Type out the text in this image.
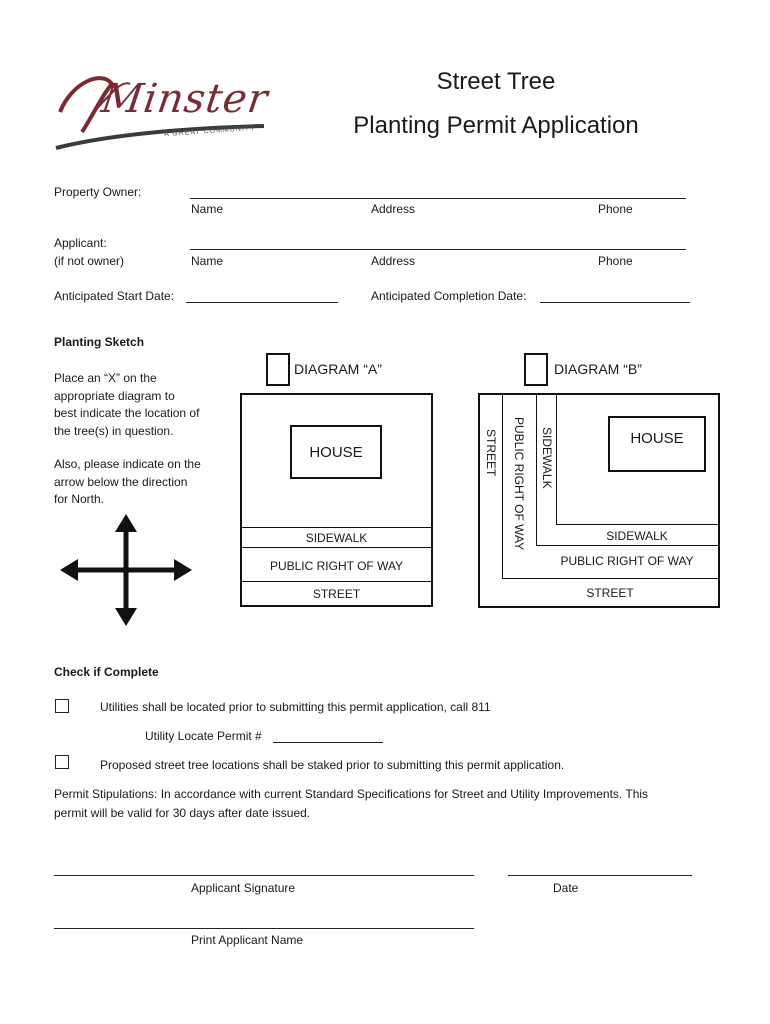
Minster
A GREAT COMMUNITY
Street Tree
Planting Permit Application
Property Owner:
Name	Address	Phone
Applicant:
(if not owner)	Name	Address	Phone
Anticipated Start Date:	Anticipated Completion Date:
Planting Sketch
Place an “X” on the
appropriate diagram to
best indicate the location of
the tree(s) in question.
Also, please indicate on the
arrow below the direction
for North.
DIAGRAM “A”
HOUSE
SIDEWALK
PUBLIC RIGHT OF WAY
STREET
DIAGRAM “B”
HOUSE
STREET PUBLIC RIGHT OF WAY SIDEWALK
SIDEWALK
PUBLIC RIGHT OF WAY
STREET
Check if Complete
Utilities shall be located prior to submitting this permit application, call 811
Utility Locate Permit #
Proposed street tree locations shall be staked prior to submitting this permit application.
Permit Stipulations: In accordance with current Standard Specifications for Street and Utility Improvements. This
permit will be valid for 30 days after date issued.
Applicant Signature	Date
Print Applicant Name
